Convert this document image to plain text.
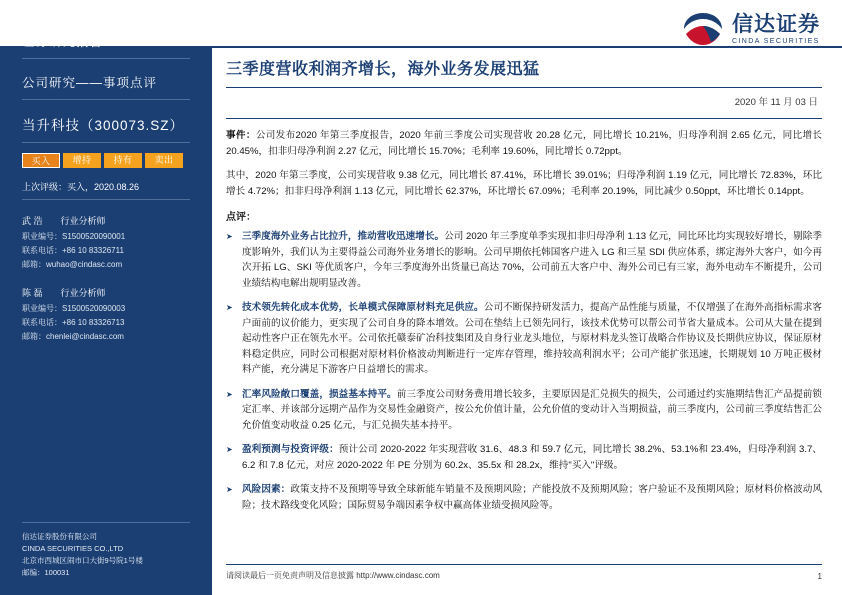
公司研究——事项点评
当升科技（300073.SZ）
买入	增持	持有	卖出
上次评级：买入，2020.08.26
武 浩 行业分析师
职业编号：S1500520090001
联系电话：+86 10 83326711
邮箱：wuhao@cindasc.com
陈 磊 行业分析师
职业编号：S1500520090003
联系电话：+86 10 83326713
邮箱：chenlei@cindasc.com
信达证券股份有限公司
CINDA SECURITIES CO.,LTD
北京市西城区闹市口大街9号院1号楼
邮编：100031
信达证券
CINDA SECURITIES
三季度营收利润齐增长，海外业务发展迅猛
2020 年 11 月 03 日

事件：公司发布2020 年第三季度报告，2020 年前三季度公司实现营收 20.28 亿元，同比增长 10.21%，归母净利润 2.65 亿元，同比增长 20.45%，扣非归母净利润 2.27 亿元，同比增长 15.70%；毛利率 19.60%，同比增长 0.72ppt。

其中，2020 年第三季度，公司实现营收 9.38 亿元，同比增长 87.41%，环比增长 39.01%；归母净利润 1.19 亿元，同比增长 72.83%，环比增长 4.72%；扣非归母净利润 1.13 亿元，同比增长 62.37%，环比增长 67.09%；毛利率 20.19%，同比减少 0.50ppt，环比增长 0.14ppt。

点评：
➤ 三季度海外业务占比拉升，推动营收迅速增长。公司 2020 年三季度单季实现扣非归母净利 1.13 亿元，同比环比均实现较好增长，剔除季度影响外，我们认为主要得益公司海外业务增长的影响。公司早期依托韩国客户进入 LG 和三星 SDI 供应体系，绑定海外大客户，如今再次开拓 LG、SKI 等优质客户，今年三季度海外出货量已高达 70%，公司前五大客户中、海外公司已有三家，海外电动车不断提升，公司业绩结构电解出规明显改善。
➤ 技术领先转化成本优势，长单模式保障原材料充足供应。公司不断保持研发活力，提高产品性能与质量，不仅增强了在海外高指标需求客户面前的议价能力，更实现了公司自身的降本增效。公司在垫结上已领先同行，该技术优势可以帮公司节省大量成本。公司从大量在提到起动性客户正在领先水平。公司依托赣泰矿冶科技集团及自身行业龙头地位，与原材料龙头签订战略合作协议及长期供应协议，保证原材料稳定供应，同时公司根据对原材料价格波动判断进行一定库存管理，维持较高利润水平；公司产能扩张迅速，长期规划 10 万吨正极材料产能，充分满足下游客户日益增长的需求。
➤ 汇率风险敞口覆盖，损益基本持平。前三季度公司财务费用增长较多，主要原因是汇兑损失的损失，公司通过约实施期结售汇产品提前锁定汇率、并该部分远期产品作为交易性金融资产，按公允价值计量，公允价值的变动计入当期损益，前三季度内，公司前三季度结售汇公允价值变动收益 0.25 亿元，与汇兑损失基本持平。
➤ 盈利预测与投资评级：预计公司 2020-2022 年实现营收 31.6、48.3 和 59.7 亿元，同比增长 38.2%、53.1%和 23.4%，归母净利润 3.7、6.2 和 7.8 亿元，对应 2020-2022 年 PE 分别为 60.2x、35.5x 和 28.2x，维持"买入"评级。
➤ 风险因素：政策支持不及预期等导致全球新能车销量不及预期风险；产能投放不及预期风险；客户验证不及预期风险；原材料价格波动风险；技术路线变化风险；国际贸易争端因素争权中赢高体业绩受损风险等。
请阅读最后一页免责声明及信息披露 http://www.cindasc.com	1
